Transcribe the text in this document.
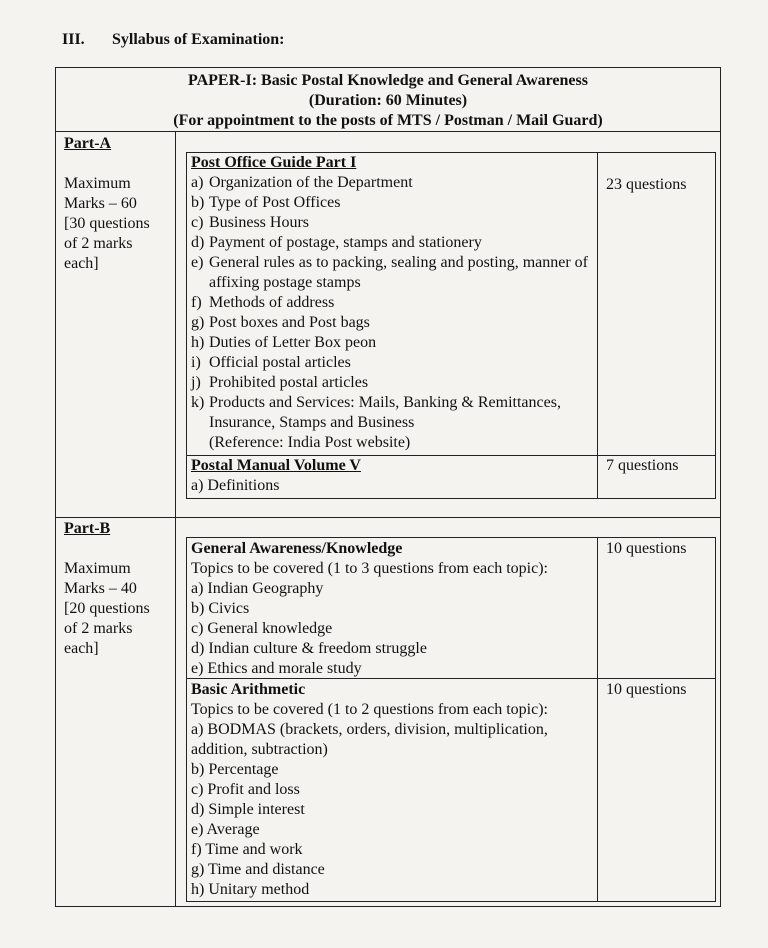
III. Syllabus of Examination:
PAPER-I: Basic Postal Knowledge and General Awareness
(Duration: 60 Minutes)
(For appointment to the posts of MTS / Postman / Mail Guard)
Part-A
Maximum
Marks – 60
[30 questions
of 2 marks
each]
Post Office Guide Part I
a) Organization of the Department
b) Type of Post Offices
c) Business Hours
d) Payment of postage, stamps and stationery
e) General rules as to packing, sealing and posting, manner of affixing postage stamps
f) Methods of address
g) Post boxes and Post bags
h) Duties of Letter Box peon
i) Official postal articles
j) Prohibited postal articles
k) Products and Services: Mails, Banking & Remittances, Insurance, Stamps and Business
(Reference: India Post website)
23 questions
Postal Manual Volume V
a) Definitions
7 questions
Part-B
Maximum
Marks – 40
[20 questions
of 2 marks
each]
General Awareness/Knowledge
Topics to be covered (1 to 3 questions from each topic):
a) Indian Geography
b) Civics
c) General knowledge
d) Indian culture & freedom struggle
e) Ethics and morale study
10 questions
Basic Arithmetic
Topics to be covered (1 to 2 questions from each topic):
a) BODMAS (brackets, orders, division, multiplication, addition, subtraction)
b) Percentage
c) Profit and loss
d) Simple interest
e) Average
f) Time and work
g) Time and distance
h) Unitary method
10 questions
